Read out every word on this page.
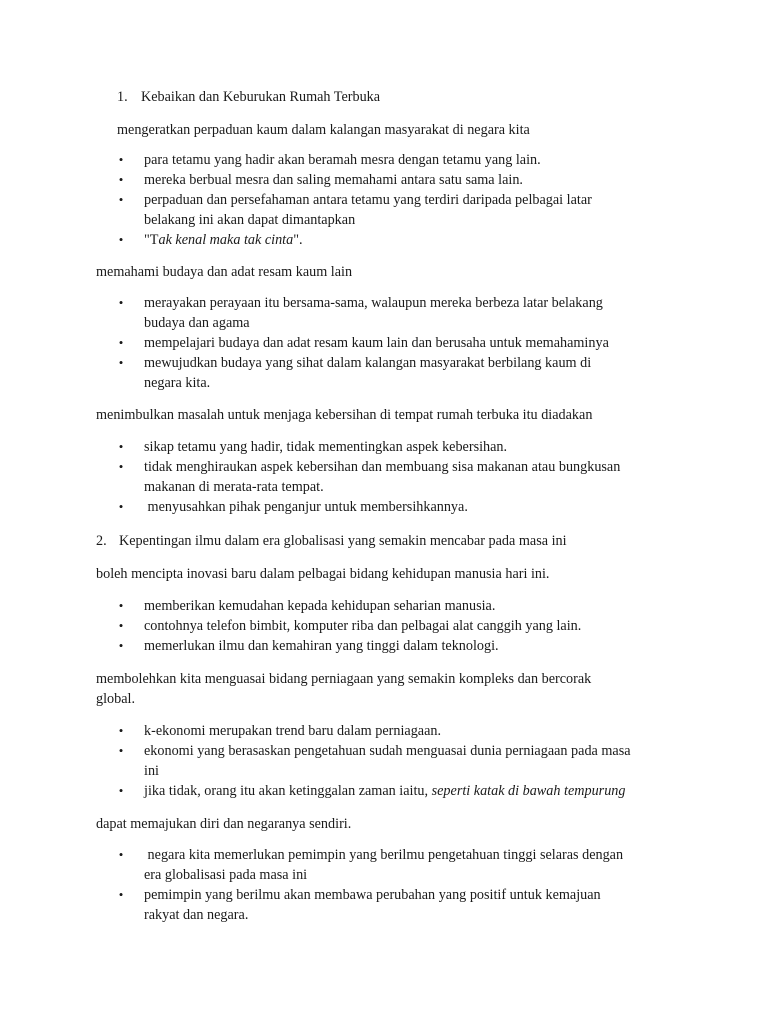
1. Kebaikan dan Keburukan Rumah Terbuka
mengeratkan perpaduan kaum dalam kalangan masyarakat di negara kita
•	para tetamu yang hadir akan beramah mesra dengan tetamu yang lain.
•	mereka berbual mesra dan saling memahami antara satu sama lain.
•	perpaduan dan persefahaman antara tetamu yang terdiri daripada pelbagai latar
belakang ini akan dapat dimantapkan
•	"Tak kenal maka tak cinta".
memahami budaya dan adat resam kaum lain
•	merayakan perayaan itu bersama-sama, walaupun mereka berbeza latar belakang
budaya dan agama
•	mempelajari budaya dan adat resam kaum lain dan berusaha untuk memahaminya
•	mewujudkan budaya yang sihat dalam kalangan masyarakat berbilang kaum di
negara kita.
menimbulkan masalah untuk menjaga kebersihan di tempat rumah terbuka itu diadakan
•	sikap tetamu yang hadir, tidak mementingkan aspek kebersihan.
•	tidak menghiraukan aspek kebersihan dan membuang sisa makanan atau bungkusan
makanan di merata-rata tempat.
•	menyusahkan pihak penganjur untuk membersihkannya.
2. Kepentingan ilmu dalam era globalisasi yang semakin mencabar pada masa ini
boleh mencipta inovasi baru dalam pelbagai bidang kehidupan manusia hari ini.
•	memberikan kemudahan kepada kehidupan seharian manusia.
•	contohnya telefon bimbit, komputer riba dan pelbagai alat canggih yang lain.
•	memerlukan ilmu dan kemahiran yang tinggi dalam teknologi.
membolehkan kita menguasai bidang perniagaan yang semakin kompleks dan bercorak
global.
•	k-ekonomi merupakan trend baru dalam perniagaan.
•	ekonomi yang berasaskan pengetahuan sudah menguasai dunia perniagaan pada masa
ini
•	jika tidak, orang itu akan ketinggalan zaman iaitu, seperti katak di bawah tempurung
dapat memajukan diri dan negaranya sendiri.
•	negara kita memerlukan pemimpin yang berilmu pengetahuan tinggi selaras dengan
era globalisasi pada masa ini
•	pemimpin yang berilmu akan membawa perubahan yang positif untuk kemajuan
rakyat dan negara.
